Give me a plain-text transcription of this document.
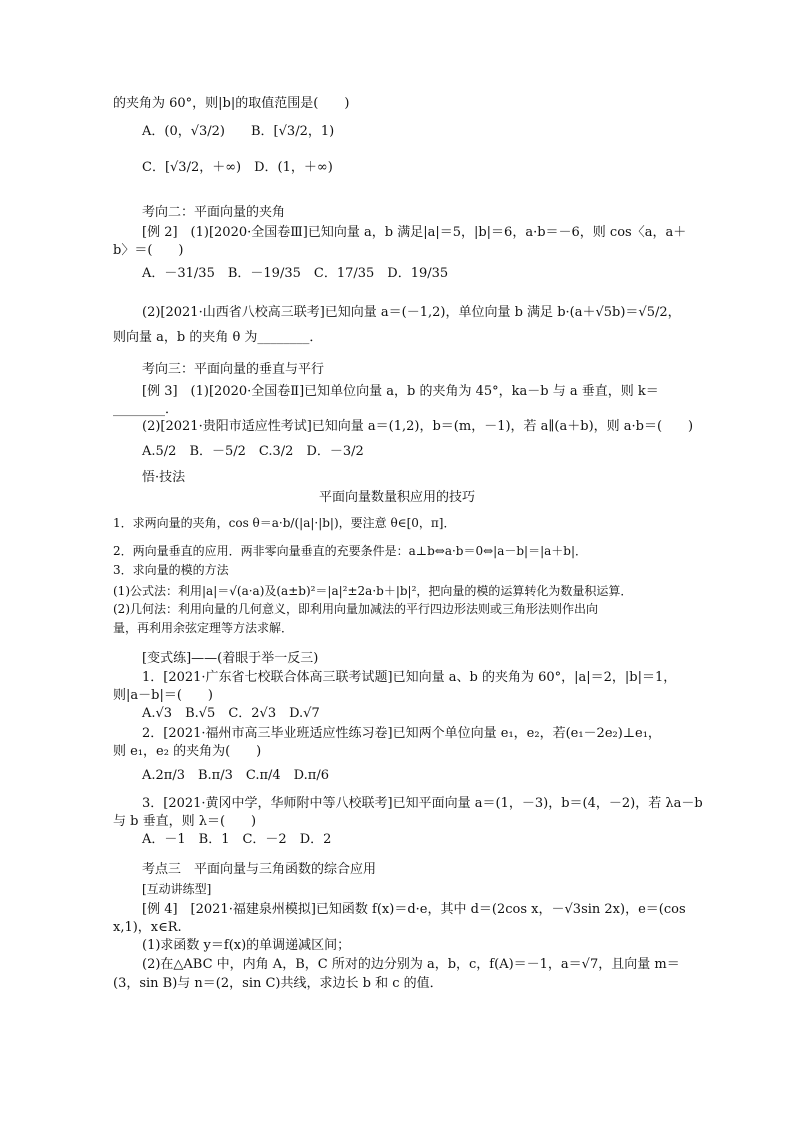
的夹角为 60°，则|b|的取值范围是(　　)
A．(0，√3/2)　　B．[√3/2，1)
C．[√3/2，＋∞)　D．(1，＋∞)
考向二：平面向量的夹角
[例 2]　(1)[2020·全国卷Ⅲ]已知向量 a，b 满足|a|＝5，|b|＝6，a·b＝－6，则 cos〈a，a＋
b〉＝(　　)
A．－31/35　B．－19/35　C．17/35　D．19/35
(2)[2021·山西省八校高三联考]已知向量 a＝(－1,2)，单位向量 b 满足 b·(a＋√5b)＝√5/2，
则向量 a，b 的夹角 θ 为________．
考向三：平面向量的垂直与平行
[例 3]　(1)[2020·全国卷Ⅱ]已知单位向量 a，b 的夹角为 45°，ka－b 与 a 垂直，则 k＝
________．
(2)[2021·贵阳市适应性考试]已知向量 a＝(1,2)，b＝(m，－1)，若 a∥(a＋b)，则 a·b＝(　　)
A.5/2　B．－5/2　C.3/2　D．－3/2
悟·技法
平面向量数量积应用的技巧
1．求两向量的夹角，cos θ＝a·b/(|a|·|b|)，要注意 θ∈[0，π]．
2．两向量垂直的应用．两非零向量垂直的充要条件是：a⊥b⇔a·b＝0⇔|a－b|＝|a＋b|．
3．求向量的模的方法
(1)公式法：利用|a|＝√(a·a)及(a±b)²＝|a|²±2a·b＋|b|²，把向量的模的运算转化为数量积运算．
(2)几何法：利用向量的几何意义，即利用向量加减法的平行四边形法则或三角形法则作出向
量，再利用余弦定理等方法求解．
[变式练]——(着眼于举一反三)
1．[2021·广东省七校联合体高三联考试题]已知向量 a、b 的夹角为 60°，|a|＝2，|b|＝1，
则|a－b|＝(　　)
A.√3　B.√5　C．2√3　D.√7
2．[2021·福州市高三毕业班适应性练习卷]已知两个单位向量 e₁，e₂，若(e₁－2e₂)⊥e₁，
则 e₁，e₂ 的夹角为(　　)
A.2π/3　B.π/3　C.π/4　D.π/6
3．[2021·黄冈中学，华师附中等八校联考]已知平面向量 a＝(1，－3)，b＝(4，－2)，若 λa－b
与 b 垂直，则 λ＝(　　)
A．－1　B．1　C．－2　D．2
考点三　平面向量与三角函数的综合应用
[互动讲练型]
[例 4]　[2021·福建泉州模拟]已知函数 f(x)＝d·e，其中 d＝(2cos x，－√3sin 2x)，e＝(cos
x,1)，x∈R.
(1)求函数 y＝f(x)的单调递减区间；
(2)在△ABC 中，内角 A，B，C 所对的边分别为 a，b，c，f(A)＝－1，a＝√7，且向量 m＝
(3，sin B)与 n＝(2，sin C)共线，求边长 b 和 c 的值．
